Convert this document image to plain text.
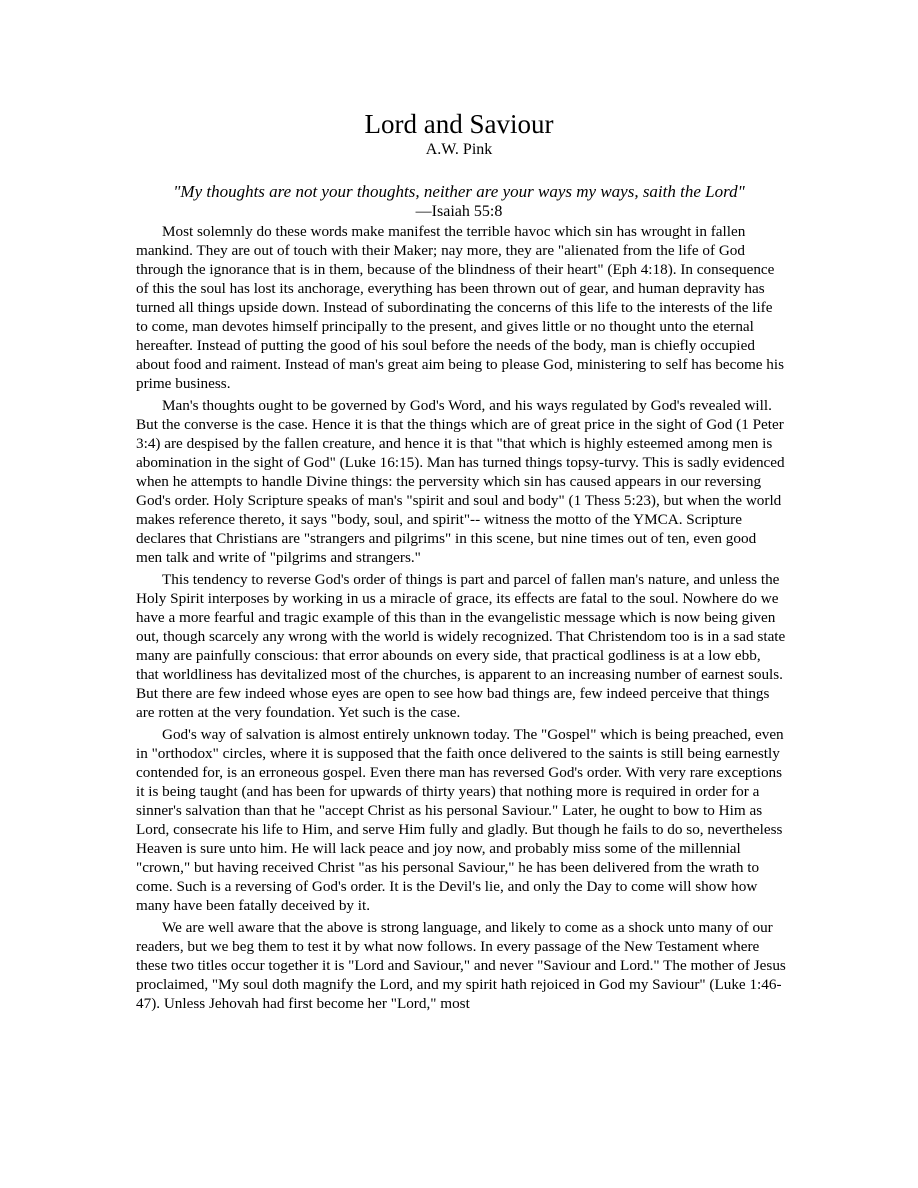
Lord and Saviour
A.W. Pink
"My thoughts are not your thoughts, neither are your ways my ways, saith the Lord"
—Isaiah 55:8

Most solemnly do these words make manifest the terrible havoc which sin has wrought in fallen mankind. They are out of touch with their Maker; nay more, they are "alienated from the life of God through the ignorance that is in them, because of the blindness of their heart" (Eph 4:18). In consequence of this the soul has lost its anchorage, everything has been thrown out of gear, and human depravity has turned all things upside down. Instead of subordinating the concerns of this life to the interests of the life to come, man devotes himself principally to the present, and gives little or no thought unto the eternal hereafter. Instead of putting the good of his soul before the needs of the body, man is chiefly occupied about food and raiment. Instead of man's great aim being to please God, ministering to self has become his prime business.

Man's thoughts ought to be governed by God's Word, and his ways regulated by God's revealed will. But the converse is the case. Hence it is that the things which are of great price in the sight of God (1 Peter 3:4) are despised by the fallen creature, and hence it is that "that which is highly esteemed among men is abomination in the sight of God" (Luke 16:15). Man has turned things topsy-turvy. This is sadly evidenced when he attempts to handle Divine things: the perversity which sin has caused appears in our reversing God's order. Holy Scripture speaks of man's "spirit and soul and body" (1 Thess 5:23), but when the world makes reference thereto, it says "body, soul, and spirit"-- witness the motto of the YMCA. Scripture declares that Christians are "strangers and pilgrims" in this scene, but nine times out of ten, even good men talk and write of "pilgrims and strangers."

This tendency to reverse God's order of things is part and parcel of fallen man's nature, and unless the Holy Spirit interposes by working in us a miracle of grace, its effects are fatal to the soul. Nowhere do we have a more fearful and tragic example of this than in the evangelistic message which is now being given out, though scarcely any wrong with the world is widely recognized. That Christendom too is in a sad state many are painfully conscious: that error abounds on every side, that practical godliness is at a low ebb, that worldliness has devitalized most of the churches, is apparent to an increasing number of earnest souls. But there are few indeed whose eyes are open to see how bad things are, few indeed perceive that things are rotten at the very foundation. Yet such is the case.

God's way of salvation is almost entirely unknown today. The "Gospel" which is being preached, even in "orthodox" circles, where it is supposed that the faith once delivered to the saints is still being earnestly contended for, is an erroneous gospel. Even there man has reversed God's order. With very rare exceptions it is being taught (and has been for upwards of thirty years) that nothing more is required in order for a sinner's salvation than that he "accept Christ as his personal Saviour." Later, he ought to bow to Him as Lord, consecrate his life to Him, and serve Him fully and gladly. But though he fails to do so, nevertheless Heaven is sure unto him. He will lack peace and joy now, and probably miss some of the millennial "crown," but having received Christ "as his personal Saviour," he has been delivered from the wrath to come. Such is a reversing of God's order. It is the Devil's lie, and only the Day to come will show how many have been fatally deceived by it.

We are well aware that the above is strong language, and likely to come as a shock unto many of our readers, but we beg them to test it by what now follows. In every passage of the New Testament where these two titles occur together it is "Lord and Saviour," and never "Saviour and Lord." The mother of Jesus proclaimed, "My soul doth magnify the Lord, and my spirit hath rejoiced in God my Saviour" (Luke 1:46-47). Unless Jehovah had first become her "Lord," most
